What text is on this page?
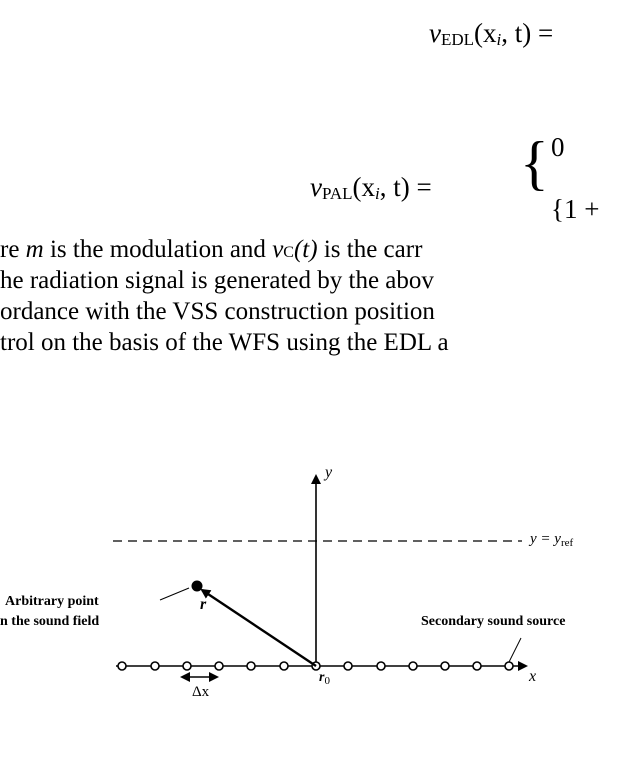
vEDL(xi, t) =
vPAL(xi, t) = { 0
{1 +
re m is the modulation and vC(t) is the carr
he radiation signal is generated by the abov
ordance with the VSS construction position
trol on the basis of the WFS using the EDL a
y
x
$y = y_{ref}$
Arbitrary point
n the sound field
r
$r_0$
Δx
Secondary sound source
